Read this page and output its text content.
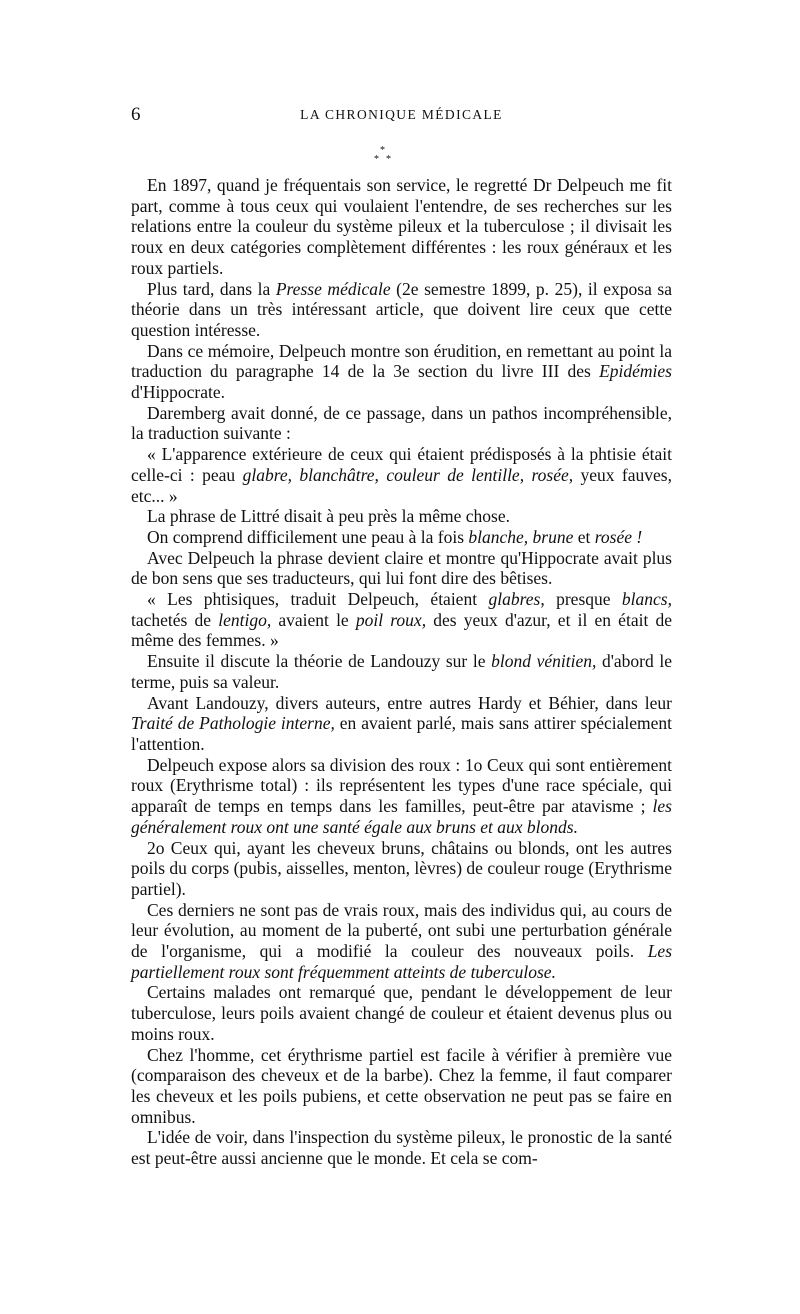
6	LA CHRONIQUE MÉDICALE
*
* *

En 1897, quand je fréquentais son service, le regretté Dr Delpeuch me fit part, comme à tous ceux qui voulaient l'entendre, de ses recherches sur les relations entre la couleur du système pileux et la tuberculose ; il divisait les roux en deux catégories complètement différentes : les roux généraux et les roux partiels.

Plus tard, dans la Presse médicale (2e semestre 1899, p. 25), il exposa sa théorie dans un très intéressant article, que doivent lire ceux que cette question intéresse.

Dans ce mémoire, Delpeuch montre son érudition, en remettant au point la traduction du paragraphe 14 de la 3e section du livre III des Epidémies d'Hippocrate.

Daremberg avait donné, de ce passage, dans un pathos incompréhensible, la traduction suivante :

« L'apparence extérieure de ceux qui étaient prédisposés à la phtisie était celle-ci : peau glabre, blanchâtre, couleur de lentille, rosée, yeux fauves, etc... »

La phrase de Littré disait à peu près la même chose.

On comprend difficilement une peau à la fois blanche, brune et rosée !

Avec Delpeuch la phrase devient claire et montre qu'Hippocrate avait plus de bon sens que ses traducteurs, qui lui font dire des bêtises.

« Les phtisiques, traduit Delpeuch, étaient glabres, presque blancs, tachetés de lentigo, avaient le poil roux, des yeux d'azur, et il en était de même des femmes. »

Ensuite il discute la théorie de Landouzy sur le blond vénitien, d'abord le terme, puis sa valeur.

Avant Landouzy, divers auteurs, entre autres Hardy et Béhier, dans leur Traité de Pathologie interne, en avaient parlé, mais sans attirer spécialement l'attention.

Delpeuch expose alors sa division des roux : 1o Ceux qui sont entièrement roux (Erythrisme total) : ils représentent les types d'une race spéciale, qui apparaît de temps en temps dans les familles, peut-être par atavisme ; les généralement roux ont une santé égale aux bruns et aux blonds.

2o Ceux qui, ayant les cheveux bruns, châtains ou blonds, ont les autres poils du corps (pubis, aisselles, menton, lèvres) de couleur rouge (Erythrisme partiel).

Ces derniers ne sont pas de vrais roux, mais des individus qui, au cours de leur évolution, au moment de la puberté, ont subi une perturbation générale de l'organisme, qui a modifié la couleur des nouveaux poils. Les partiellement roux sont fréquemment atteints de tuberculose.

Certains malades ont remarqué que, pendant le développement de leur tuberculose, leurs poils avaient changé de couleur et étaient devenus plus ou moins roux.

Chez l'homme, cet érythrisme partiel est facile à vérifier à première vue (comparaison des cheveux et de la barbe). Chez la femme, il faut comparer les cheveux et les poils pubiens, et cette observation ne peut pas se faire en omnibus.

L'idée de voir, dans l'inspection du système pileux, le pronostic de la santé est peut-être aussi ancienne que le monde. Et cela se com-
